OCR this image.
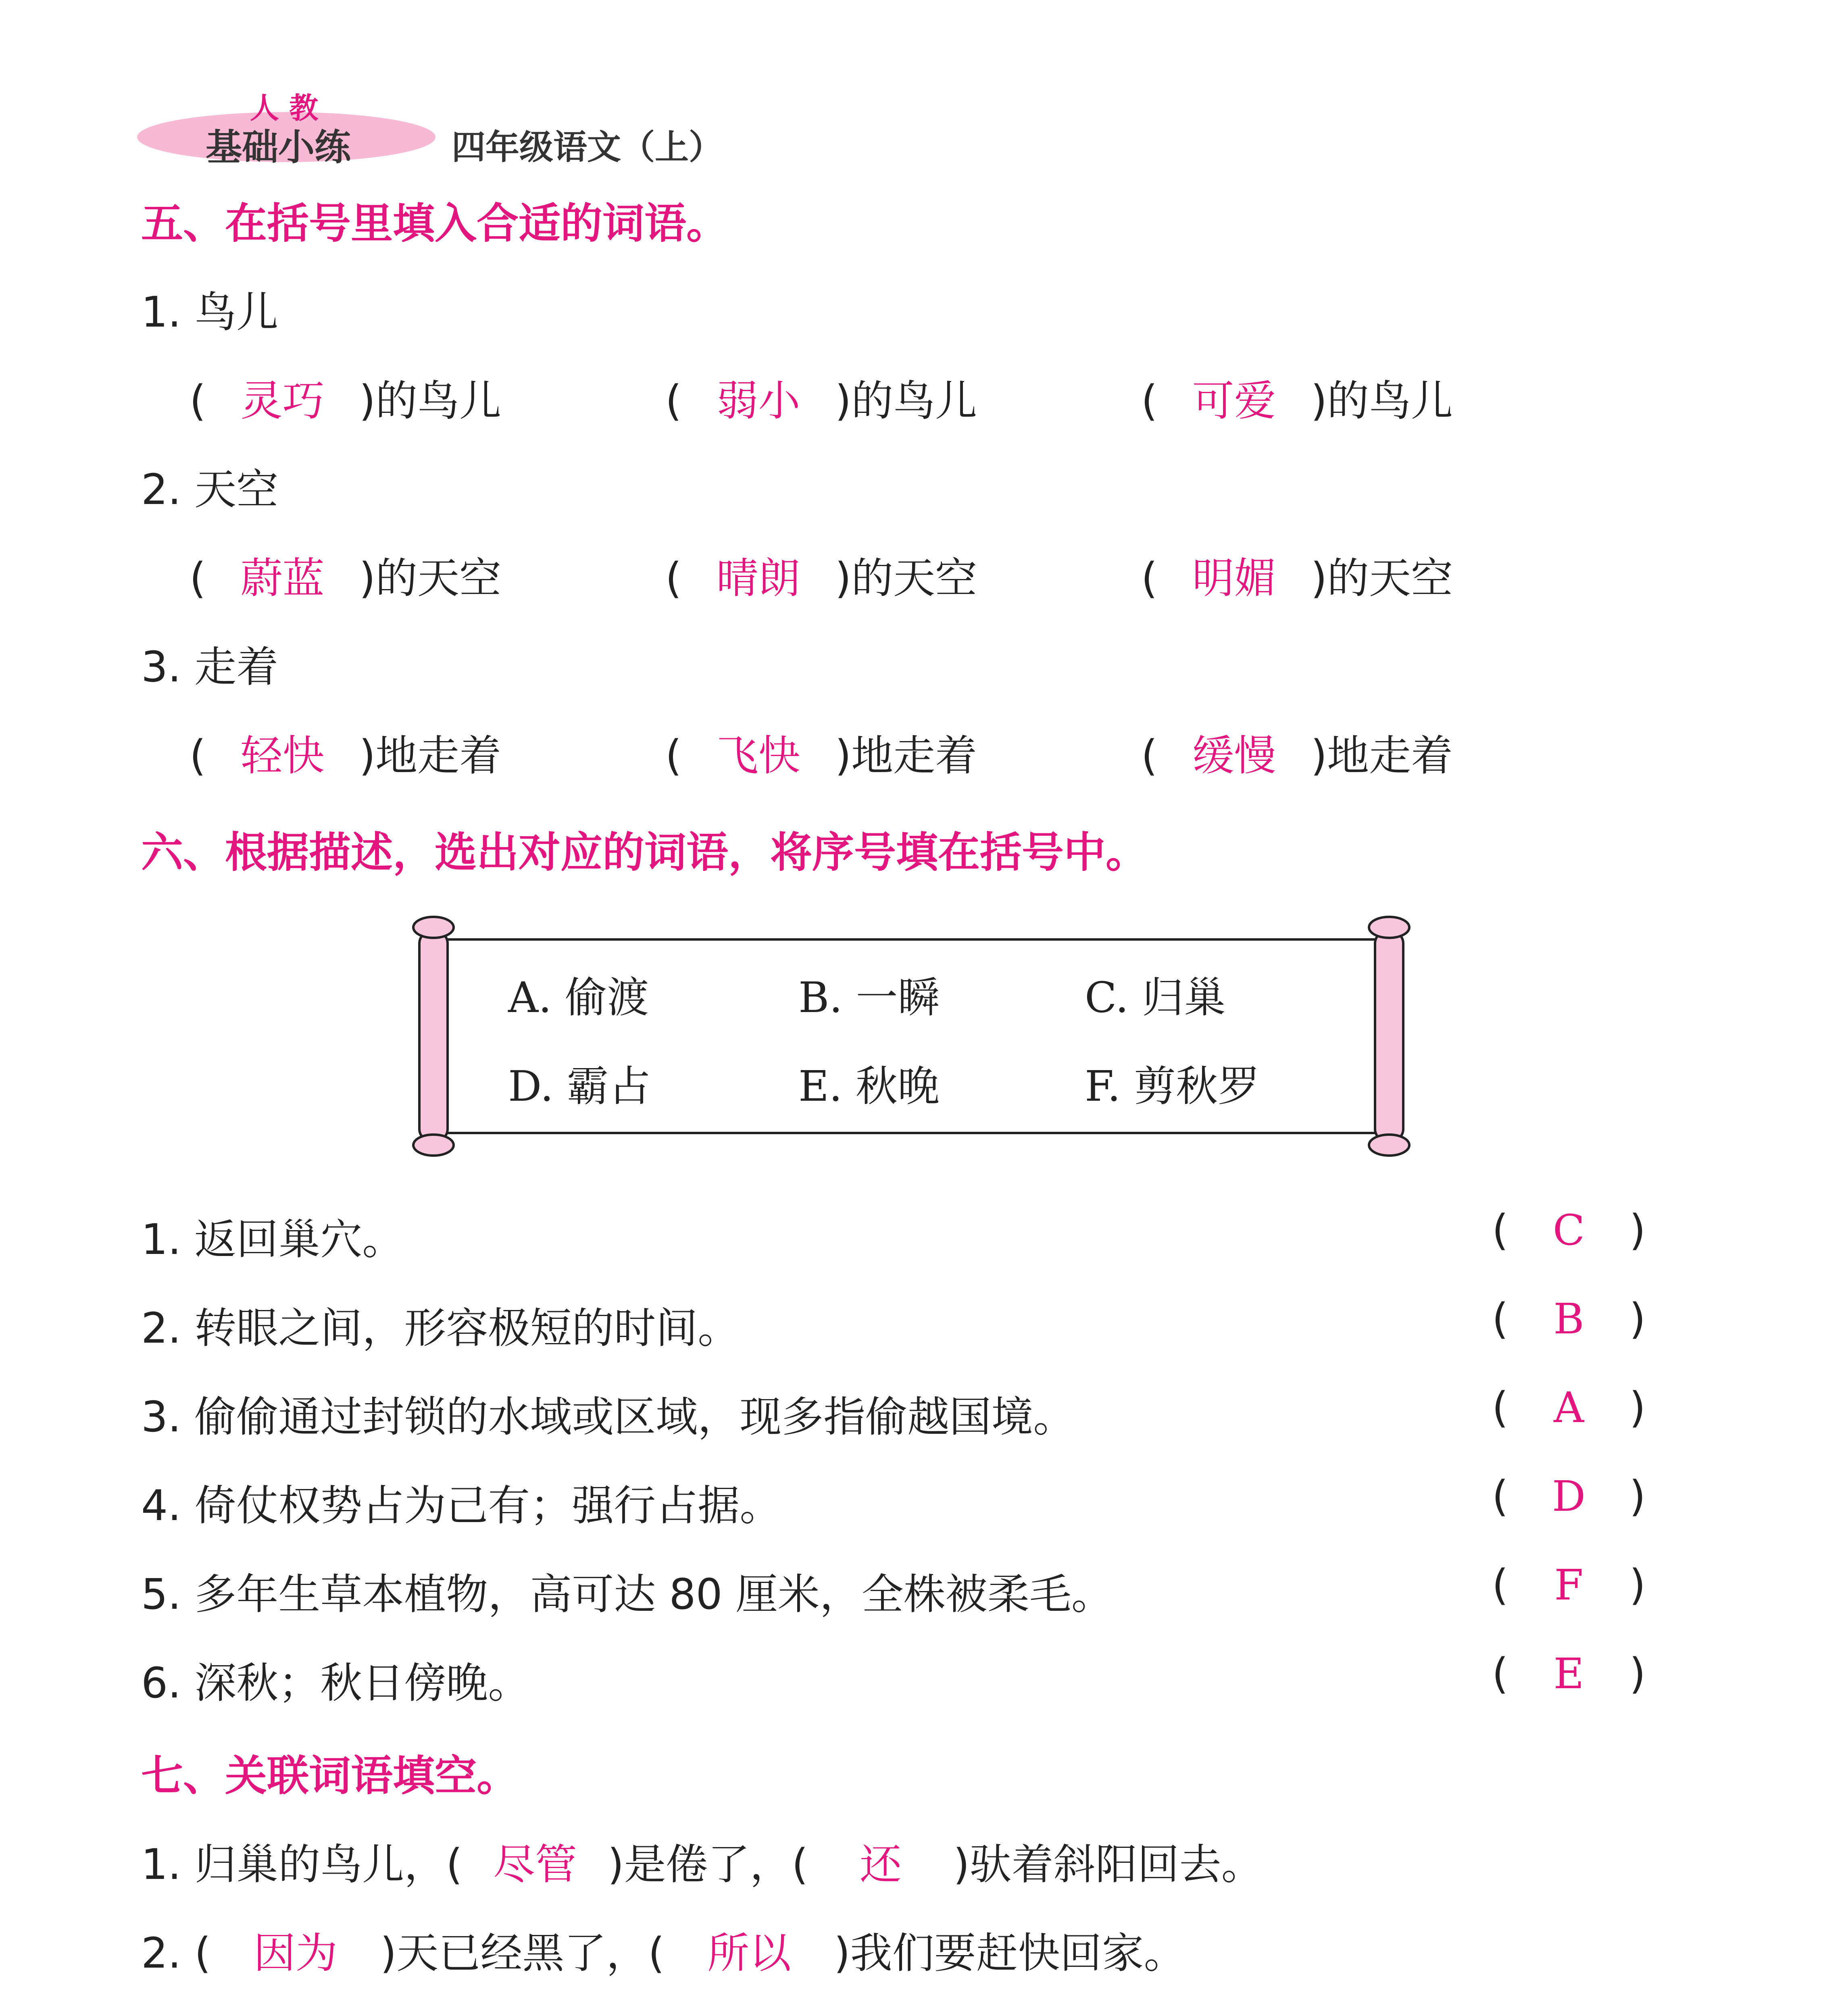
人 教
基础小练	四年级语文（上）
五、在括号里填入合适的词语。
1. 鸟儿
( 灵巧 )的鸟儿	( 弱小 )的鸟儿	( 可爱 )的鸟儿
2. 天空
( 蔚蓝 )的天空	( 晴朗 )的天空	( 明媚 )的天空
3. 走着
( 轻快 )地走着	( 飞快 )地走着	( 缓慢 )地走着
六、根据描述，选出对应的词语，将序号填在括号中。
A. 偷渡	B. 一瞬	C. 归巢
D. 霸占	E. 秋晚	F. 剪秋罗
1. 返回巢穴。	( C )
2. 转眼之间，形容极短的时间。	( B )
3. 偷偷通过封锁的水域或区域，现多指偷越国境。	( A )
4. 倚仗权势占为己有；强行占据。	( D )
5. 多年生草本植物，高可达 80 厘米，全株被柔毛。	( F )
6. 深秋；秋日傍晚。	( E )
七、关联词语填空。
1. 归巢的鸟儿，( 尽管 )是倦了，( 还 )驮着斜阳回去。
2. ( 因为 )天已经黑了，( 所以 )我们要赶快回家。
